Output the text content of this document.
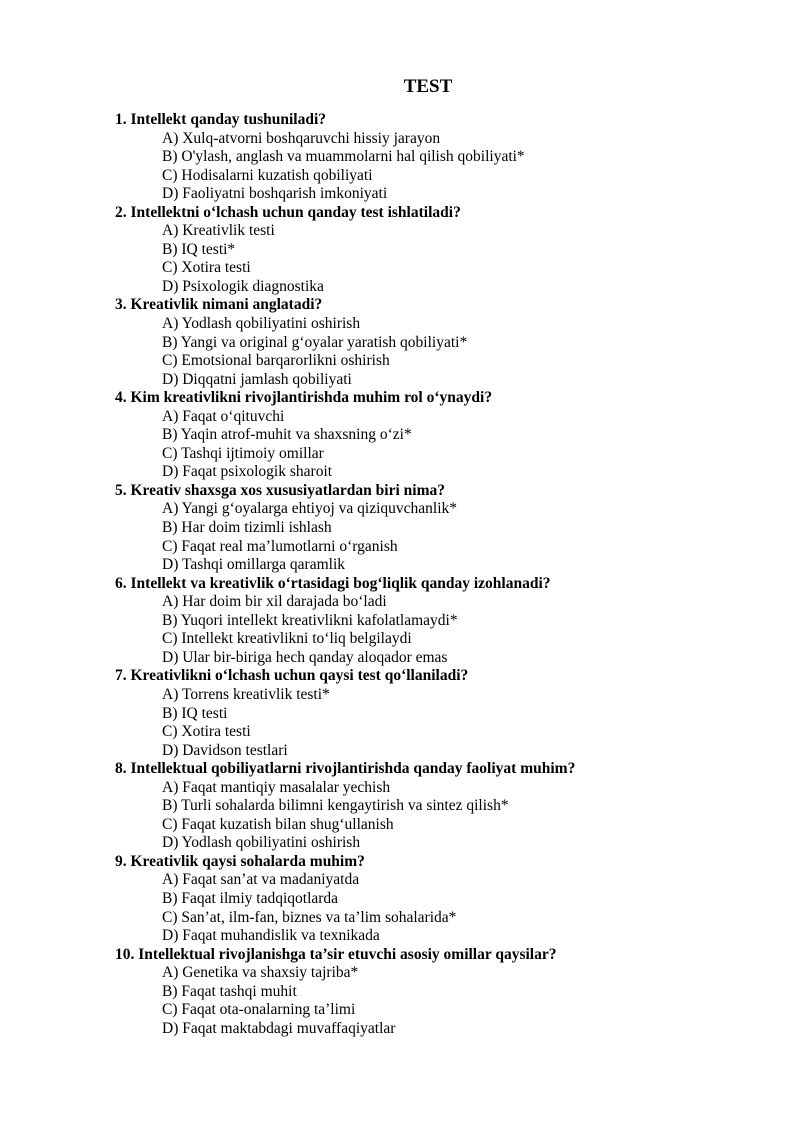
TEST
1. Intellekt qanday tushuniladi?
A) Xulq-atvorni boshqaruvchi hissiy jarayon
B) O'ylash, anglash va muammolarni hal qilish qobiliyati*
C) Hodisalarni kuzatish qobiliyati
D) Faoliyatni boshqarish imkoniyati
2. Intellektni o‘lchash uchun qanday test ishlatiladi?
A) Kreativlik testi
B) IQ testi*
C) Xotira testi
D) Psixologik diagnostika
3. Kreativlik nimani anglatadi?
A) Yodlash qobiliyatini oshirish
B) Yangi va original g‘oyalar yaratish qobiliyati*
C) Emotsional barqarorlikni oshirish
D) Diqqatni jamlash qobiliyati
4. Kim kreativlikni rivojlantirishda muhim rol o‘ynaydi?
A) Faqat o‘qituvchi
B) Yaqin atrof-muhit va shaxsning o‘zi*
C) Tashqi ijtimoiy omillar
D) Faqat psixologik sharoit
5. Kreativ shaxsga xos xususiyatlardan biri nima?
A) Yangi g‘oyalarga ehtiyoj va qiziquvchanlik*
B) Har doim tizimli ishlash
C) Faqat real ma’lumotlarni o‘rganish
D) Tashqi omillarga qaramlik
6. Intellekt va kreativlik o‘rtasidagi bog‘liqlik qanday izohlanadi?
A) Har doim bir xil darajada bo‘ladi
B) Yuqori intellekt kreativlikni kafolatlamaydi*
C) Intellekt kreativlikni to‘liq belgilaydi
D) Ular bir-biriga hech qanday aloqador emas
7. Kreativlikni o‘lchash uchun qaysi test qo‘llaniladi?
A) Torrens kreativlik testi*
B) IQ testi
C) Xotira testi
D) Davidson testlari
8. Intellektual qobiliyatlarni rivojlantirishda qanday faoliyat muhim?
A) Faqat mantiqiy masalalar yechish
B) Turli sohalarda bilimni kengaytirish va sintez qilish*
C) Faqat kuzatish bilan shug‘ullanish
D) Yodlash qobiliyatini oshirish
9. Kreativlik qaysi sohalarda muhim?
A) Faqat san’at va madaniyatda
B) Faqat ilmiy tadqiqotlarda
C) San’at, ilm-fan, biznes va ta’lim sohalarida*
D) Faqat muhandislik va texnikada
10. Intellektual rivojlanishga ta’sir etuvchi asosiy omillar qaysilar?
A) Genetika va shaxsiy tajriba*
B) Faqat tashqi muhit
C) Faqat ota-onalarning ta’limi
D) Faqat maktabdagi muvaffaqiyatlar
